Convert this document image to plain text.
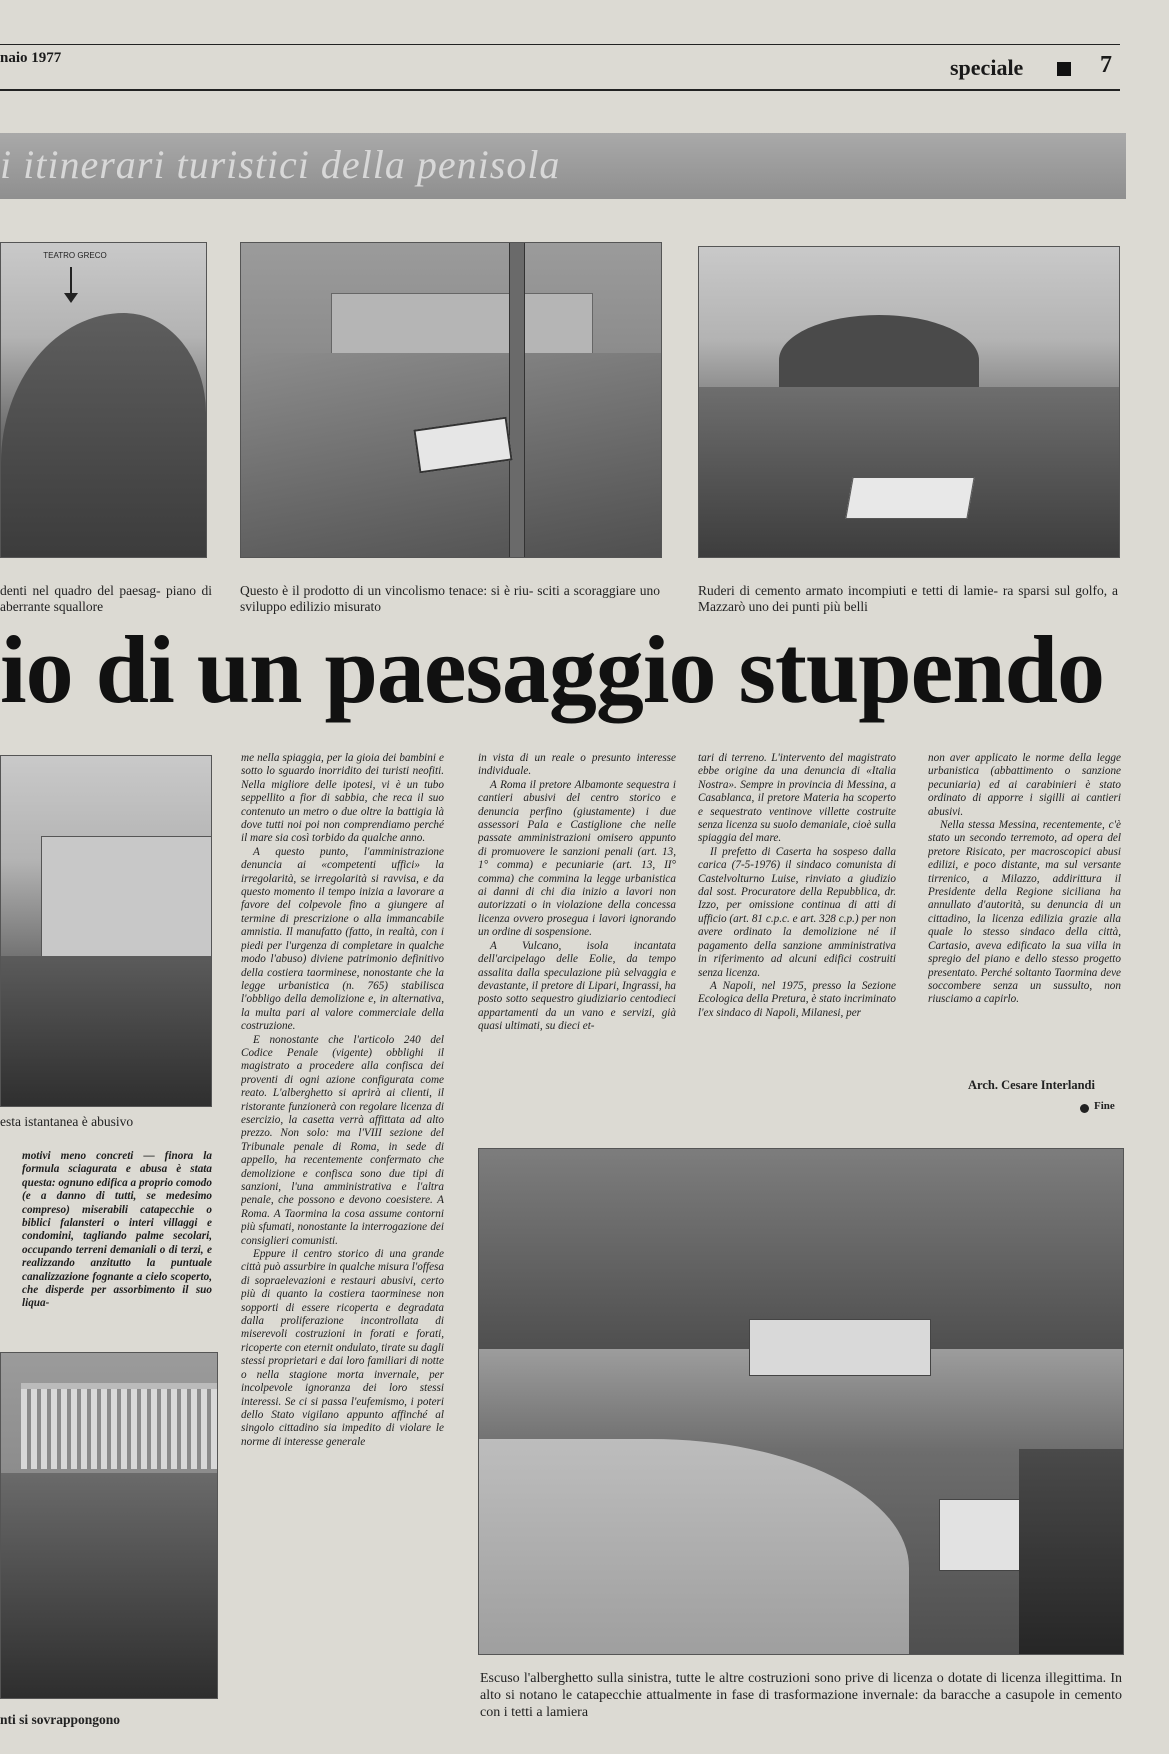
naio 1977	speciale	7
i itinerari turistici della penisola
TEATRO GRECO
denti nel quadro del paesag- piano di aberrante squallore
Questo è il prodotto di un vincolismo tenace: si è riu- sciti a scoraggiare uno sviluppo edilizio misurato
Ruderi di cemento armato incompiuti e tetti di lamie- ra sparsi sul golfo, a Mazzarò uno dei punti più belli
io di un paesaggio stupendo
esta istantanea è abusivo

motivi meno concreti — finora la formula sciagurata e abusa è stata questa: ognuno edifica a proprio comodo (e a danno di tutti, se medesimo compreso) miserabili catapecchie o biblici falansteri o interi villaggi e condomini, tagliando palme secolari, occupando terreni demaniali o di terzi, e realizzando anzitutto la puntuale canalizzazione fognante a cielo scoperto, che disperde per assorbimento il suo liqua-

nti si sovrappongono

me nella spiaggia, per la gioia dei bambini e sotto lo sguardo inorridito dei turisti neofiti. Nella migliore delle ipotesi, vi è un tubo seppellito a fior di sabbia, che reca il suo contenuto un metro o due oltre la battigia là dove tutti noi poi non comprendiamo perché il mare sia così torbido da qualche anno.

A questo punto, l'amministrazione denuncia ai «competenti uffici» la irregolarità, se irregolarità si ravvisa, e da questo momento il tempo inizia a lavorare a favore del colpevole fino a giungere al termine di prescrizione o alla immancabile amnistia. Il manufatto (fatto, in realtà, con i piedi per l'urgenza di completare in qualche modo l'abuso) diviene patrimonio definitivo della costiera taorminese, nonostante che la legge urbanistica (n. 765) stabilisca l'obbligo della demolizione e, in alternativa, la multa pari al valore commerciale della costruzione.

E nonostante che l'articolo 240 del Codice Penale (vigente) obblighi il magistrato a procedere alla confisca dei proventi di ogni azione configurata come reato. L'alberghetto si aprirà ai clienti, il ristorante funzionerà con regolare licenza di esercizio, la casetta verrà affittata ad alto prezzo. Non solo: ma l'VIII sezione del Tribunale penale di Roma, in sede di appello, ha recentemente confermato che demolizione e confisca sono due tipi di sanzioni, l'una amministrativa e l'altra penale, che possono e devono coesistere. A Roma. A Taormina la cosa assume contorni più sfumati, nonostante la interrogazione dei consiglieri comunisti.

Eppure il centro storico di una grande città può assurbire in qualche misura l'offesa di sopraelevazioni e restauri abusivi, certo più di quanto la costiera taorminese non sopporti di essere ricoperta e degradata dalla proliferazione incontrollata di miserevoli costruzioni in forati e forati, ricoperte con eternit ondulato, tirate su dagli stessi proprietari e dai loro familiari di notte o nella stagione morta invernale, per incolpevole ignoranza dei loro stessi interessi. Se ci si passa l'eufemismo, i poteri dello Stato vigilano appunto affinché al singolo cittadino sia impedito di violare le norme di interesse generale

in vista di un reale o presunto interesse individuale.

A Roma il pretore Albamonte sequestra i cantieri abusivi del centro storico e denuncia perfino (giustamente) i due assessori Pala e Castiglione che nelle passate amministrazioni omisero appunto di promuovere le sanzioni penali (art. 13, 1° comma) e pecuniarie (art. 13, II° comma) che commina la legge urbanistica ai danni di chi dia inizio a lavori non autorizzati o in violazione della concessa licenza ovvero prosegua i lavori ignorando un ordine di sospensione.

A Vulcano, isola incantata dell'arcipelago delle Eolie, da tempo assalita dalla speculazione più selvaggia e devastante, il pretore di Lipari, Ingrassi, ha posto sotto sequestro giudiziario centodieci appartamenti da un vano e servizi, già quasi ultimati, su dieci et-

tari di terreno. L'intervento del magistrato ebbe origine da una denuncia di «Italia Nostra». Sempre in provincia di Messina, a Casablanca, il pretore Materia ha scoperto e sequestrato ventinove villette costruite senza licenza su suolo demaniale, cioè sulla spiaggia del mare.

Il prefetto di Caserta ha sospeso dalla carica (7-5-1976) il sindaco comunista di Castelvolturno Luise, rinviato a giudizio dal sost. Procuratore della Repubblica, dr. Izzo, per omissione continua di atti di ufficio (art. 81 c.p.c. e art. 328 c.p.) per non avere ordinato la demolizione né il pagamento della sanzione amministrativa in riferimento ad alcuni edifici costruiti senza licenza.

A Napoli, nel 1975, presso la Sezione Ecologica della Pretura, è stato incriminato l'ex sindaco di Napoli, Milanesi, per

non aver applicato le norme della legge urbanistica (abbattimento o sanzione pecuniaria) ed ai carabinieri è stato ordinato di apporre i sigilli ai cantieri abusivi.

Nella stessa Messina, recentemente, c'è stato un secondo terremoto, ad opera del pretore Risicato, per macroscopici abusi edilizi, e poco distante, ma sul versante tirrenico, a Milazzo, addirittura il Presidente della Regione siciliana ha annullato d'autorità, su denuncia di un cittadino, la licenza edilizia grazie alla quale lo stesso sindaco della città, Cartasio, aveva edificato la sua villa in spregio del piano e dello stesso progetto presentato. Perché soltanto Taormina deve soccombere senza un sussulto, non riusciamo a capirlo.

Arch. Cesare Interlandi
Fine
Escuso l'alberghetto sulla sinistra, tutte le altre costruzioni sono prive di licenza o dotate di licenza illegittima. In alto si notano le catapecchie attualmente in fase di trasformazione invernale: da baracche a casupole in cemento con i tetti a lamiera
